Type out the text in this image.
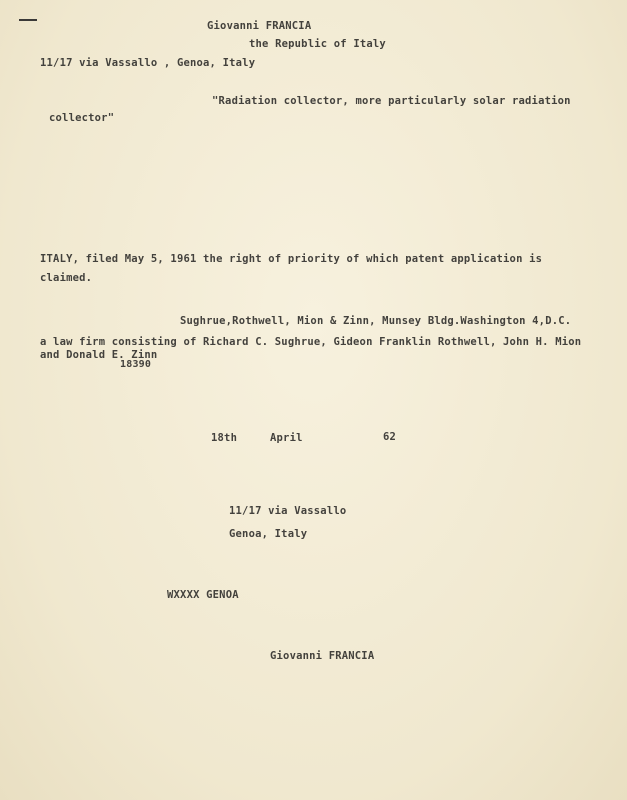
Giovanni FRANCIA
the Republic of Italy
11/17 via Vassallo , Genoa, Italy
"Radiation collector, more particularly solar radiation
collector"
ITALY, filed May 5, 1961 the right of priority of which patent application is
claimed.
Sughrue,Rothwell, Mion & Zinn, Munsey Bldg.Washington 4,D.C.
a law firm consisting of Richard C. Sughrue, Gideon Franklin Rothwell, John H. Mion
and Donald E. Zinn
18390
18th	April	62
11/17 via Vassallo
Genoa, Italy
WXXXX GENOA
Giovanni FRANCIA
